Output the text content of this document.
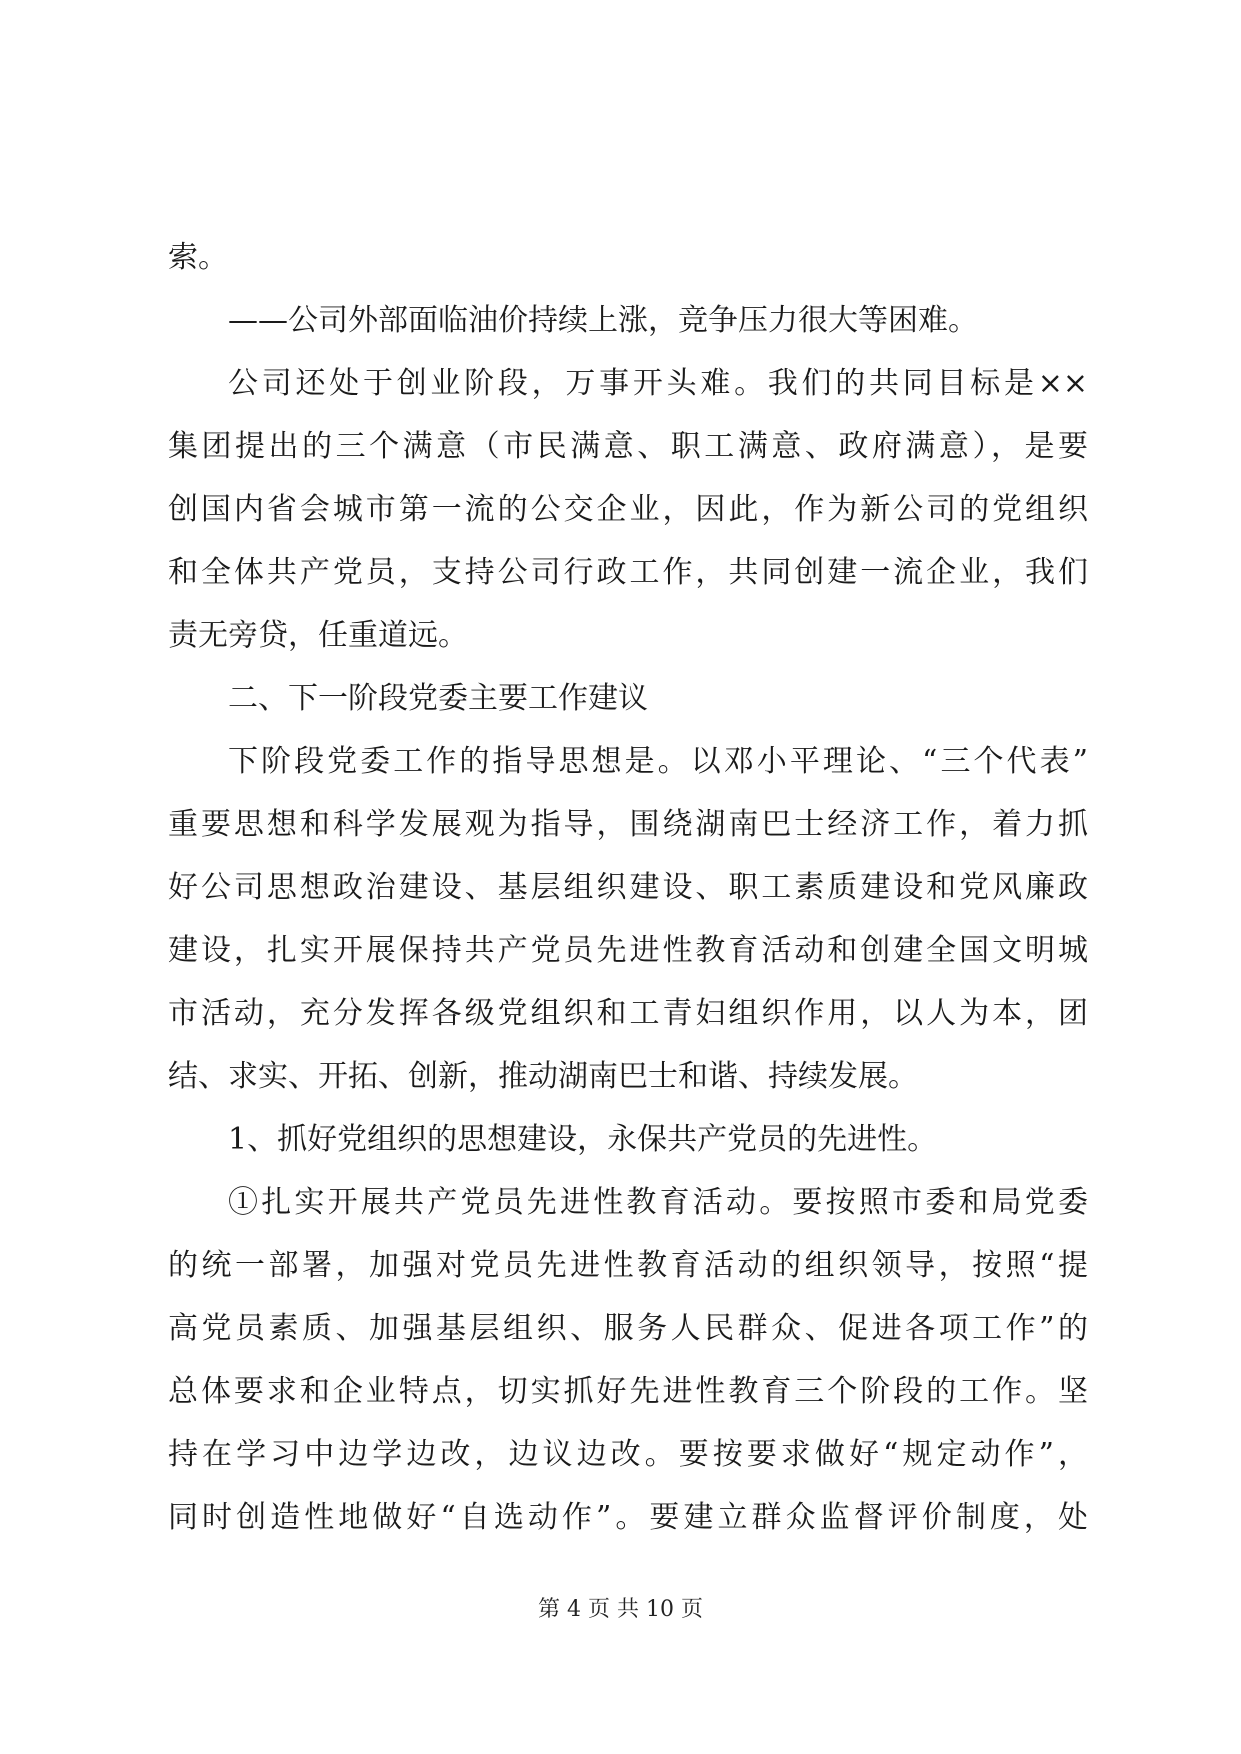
索。
——公司外部面临油价持续上涨，竞争压力很大等困难。
公司还处于创业阶段，万事开头难。我们的共同目标是××
集团提出的三个满意（市民满意、职工满意、政府满意），是要
创国内省会城市第一流的公交企业，因此，作为新公司的党组织
和全体共产党员，支持公司行政工作，共同创建一流企业，我们
责无旁贷，任重道远。
二、下一阶段党委主要工作建议
下阶段党委工作的指导思想是。以邓小平理论、“三个代表”
重要思想和科学发展观为指导，围绕湖南巴士经济工作，着力抓
好公司思想政治建设、基层组织建设、职工素质建设和党风廉政
建设，扎实开展保持共产党员先进性教育活动和创建全国文明城
市活动，充分发挥各级党组织和工青妇组织作用，以人为本，团
结、求实、开拓、创新，推动湖南巴士和谐、持续发展。
1、抓好党组织的思想建设，永保共产党员的先进性。
①扎实开展共产党员先进性教育活动。要按照市委和局党委
的统一部署，加强对党员先进性教育活动的组织领导，按照“提
高党员素质、加强基层组织、服务人民群众、促进各项工作”的
总体要求和企业特点，切实抓好先进性教育三个阶段的工作。坚
持在学习中边学边改，边议边改。要按要求做好“规定动作”，
同时创造性地做好“自选动作”。要建立群众监督评价制度，处
第 4 页 共 10 页
